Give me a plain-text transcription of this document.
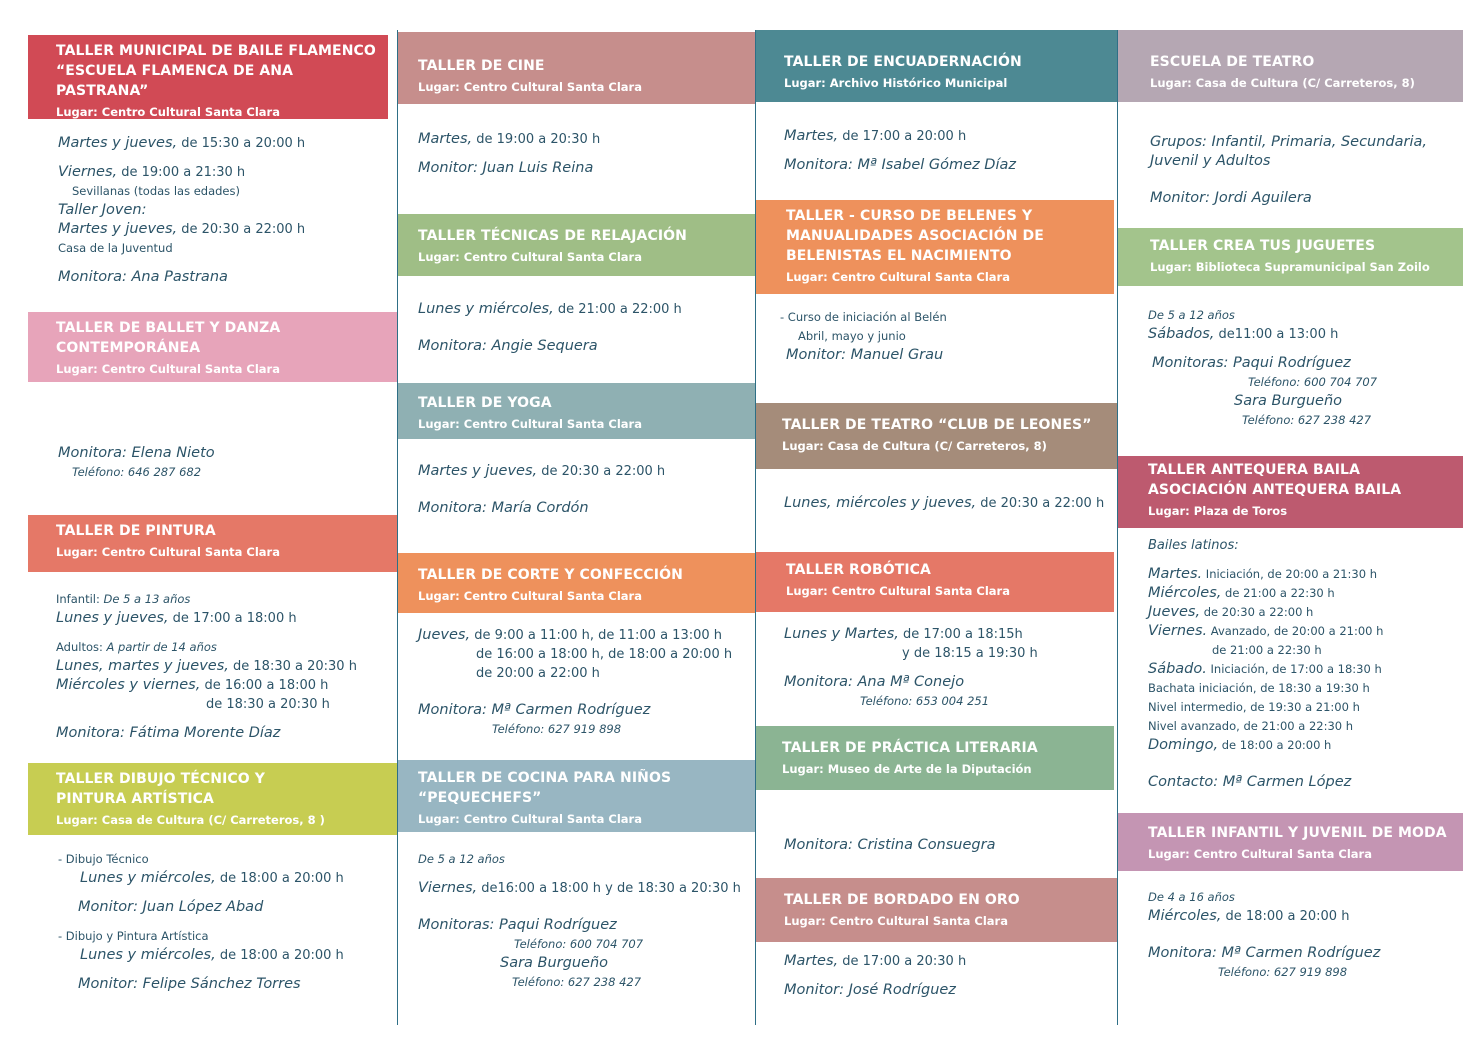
TALLER MUNICIPAL DE BAILE FLAMENCO
“ESCUELA FLAMENCA DE ANA PASTRANA”
Lugar: Centro Cultural Santa Clara
Martes y jueves, de 15:30 a 20:00 h
Viernes, de 19:00 a 21:30 h
Sevillanas (todas las edades)
Taller Joven:
Martes y jueves, de 20:30 a 22:00 h
Casa de la Juventud
Monitora: Ana Pastrana
TALLER DE BALLET Y DANZA
CONTEMPORÁNEA
Lugar: Centro Cultural Santa Clara
Monitora: Elena Nieto
Teléfono: 646 287 682
TALLER DE PINTURA
Lugar: Centro Cultural Santa Clara
Infantil: De 5 a 13 años
Lunes y jueves, de 17:00 a 18:00 h
Adultos: A partir de 14 años
Lunes, martes y jueves, de 18:30 a 20:30 h
Miércoles y viernes, de 16:00 a 18:00 h
de 18:30 a 20:30 h
Monitora: Fátima Morente Díaz
TALLER DIBUJO TÉCNICO Y
PINTURA ARTÍSTICA
Lugar: Casa de Cultura (C/ Carreteros, 8 )
- Dibujo Técnico
Lunes y miércoles, de 18:00 a 20:00 h
Monitor: Juan López Abad
- Dibujo y Pintura Artística
Lunes y miércoles, de 18:00 a 20:00 h
Monitor: Felipe Sánchez Torres
TALLER DE CINE
Lugar: Centro Cultural Santa Clara
Martes, de 19:00 a 20:30 h
Monitor: Juan Luis Reina
TALLER TÉCNICAS DE RELAJACIÓN
Lugar: Centro Cultural Santa Clara
Lunes y miércoles, de 21:00 a 22:00 h
Monitora: Angie Sequera
TALLER DE YOGA
Lugar: Centro Cultural Santa Clara
Martes y jueves, de 20:30 a 22:00 h
Monitora: María Cordón
TALLER DE CORTE Y CONFECCIÓN
Lugar: Centro Cultural Santa Clara
Jueves, de 9:00 a 11:00 h, de 11:00 a 13:00 h
de 16:00 a 18:00 h, de 18:00 a 20:00 h
de 20:00 a 22:00 h
Monitora: Mª Carmen Rodríguez
Teléfono: 627 919 898
TALLER DE COCINA PARA NIÑOS
“PEQUECHEFS”
Lugar: Centro Cultural Santa Clara
De 5 a 12 años
Viernes, de16:00 a 18:00 h y de 18:30 a 20:30 h
Monitoras: Paqui Rodríguez
Teléfono: 600 704 707
Sara Burgueño
Teléfono: 627 238 427
TALLER DE ENCUADERNACIÓN
Lugar: Archivo Histórico Municipal
Martes, de 17:00 a 20:00 h
Monitora: Mª Isabel Gómez Díaz
TALLER - CURSO DE BELENES Y
MANUALIDADES ASOCIACIÓN DE
BELENISTAS EL NACIMIENTO
Lugar: Centro Cultural Santa Clara
- Curso de iniciación al Belén
Abril, mayo y junio
Monitor: Manuel Grau
TALLER DE TEATRO “CLUB DE LEONES”
Lugar: Casa de Cultura (C/ Carreteros, 8)
Lunes, miércoles y jueves, de 20:30 a 22:00 h
TALLER ROBÓTICA
Lugar: Centro Cultural Santa Clara
Lunes y Martes, de 17:00 a 18:15h
y de 18:15 a 19:30 h
Monitora: Ana Mª Conejo
Teléfono: 653 004 251
TALLER DE PRÁCTICA LITERARIA
Lugar: Museo de Arte de la Diputación
Monitora: Cristina Consuegra
TALLER DE BORDADO EN ORO
Lugar: Centro Cultural Santa Clara
Martes, de 17:00 a 20:30 h
Monitor: José Rodríguez
ESCUELA DE TEATRO
Lugar: Casa de Cultura (C/ Carreteros, 8)
Grupos: Infantil, Primaria, Secundaria,
Juvenil y Adultos
Monitor: Jordi Aguilera
TALLER CREA TUS JUGUETES
Lugar: Biblioteca Supramunicipal San Zoilo
De 5 a 12 años
Sábados, de11:00 a 13:00 h
Monitoras: Paqui Rodríguez
Teléfono: 600 704 707
Sara Burgueño
Teléfono: 627 238 427
TALLER ANTEQUERA BAILA
ASOCIACIÓN ANTEQUERA BAILA
Lugar: Plaza de Toros
Bailes latinos:
Martes. Iniciación, de 20:00 a 21:30 h
Miércoles, de 21:00 a 22:30 h
Jueves, de 20:30 a 22:00 h
Viernes. Avanzado, de 20:00 a 21:00 h
de 21:00 a 22:30 h
Sábado. Iniciación, de 17:00 a 18:30 h
Bachata iniciación, de 18:30 a 19:30 h
Nivel intermedio, de 19:30 a 21:00 h
Nivel avanzado, de 21:00 a 22:30 h
Domingo, de 18:00 a 20:00 h
Contacto: Mª Carmen López
TALLER INFANTIL Y JUVENIL DE MODA
Lugar: Centro Cultural Santa Clara
De 4 a 16 años
Miércoles, de 18:00 a 20:00 h
Monitora: Mª Carmen Rodríguez
Teléfono: 627 919 898
